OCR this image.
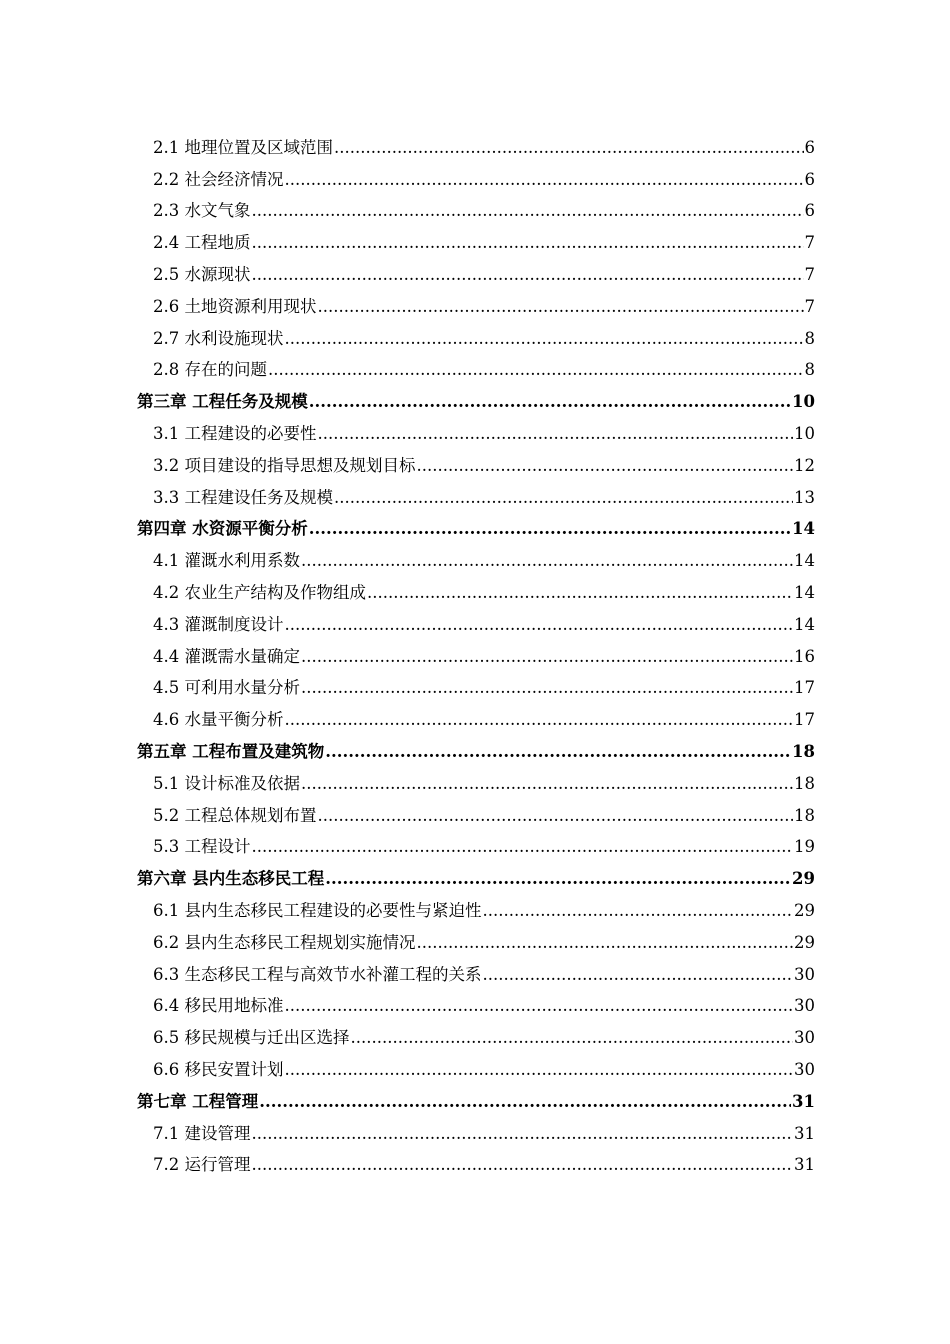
2.1 地理位置及区域范围 .....	6
2.2 社会经济情况 .....	6
2.3 水文气象 .....	6
2.4 工程地质 .....	7
2.5 水源现状 .....	7
2.6 土地资源利用现状 .....	7
2.7 水利设施现状 .....	8
2.8 存在的问题 .....	8
第三章 工程任务及规模 .....	10
3.1 工程建设的必要性 .....	10
3.2 项目建设的指导思想及规划目标 .....	12
3.3 工程建设任务及规模 .....	13
第四章 水资源平衡分析 .....	14
4.1 灌溉水利用系数 .....	14
4.2 农业生产结构及作物组成 .....	14
4.3 灌溉制度设计 .....	14
4.4 灌溉需水量确定 .....	16
4.5 可利用水量分析 .....	17
4.6 水量平衡分析 .....	17
第五章 工程布置及建筑物 .....	18
5.1 设计标准及依据 .....	18
5.2 工程总体规划布置 .....	18
5.3 工程设计 .....	19
第六章 县内生态移民工程 .....	29
6.1 县内生态移民工程建设的必要性与紧迫性 .....	29
6.2 县内生态移民工程规划实施情况 .....	29
6.3 生态移民工程与高效节水补灌工程的关系 .....	30
6.4 移民用地标准 .....	30
6.5 移民规模与迁出区选择 .....	30
6.6 移民安置计划 .....	30
第七章 工程管理 .....	31
7.1 建设管理 .....	31
7.2 运行管理 .....	31
